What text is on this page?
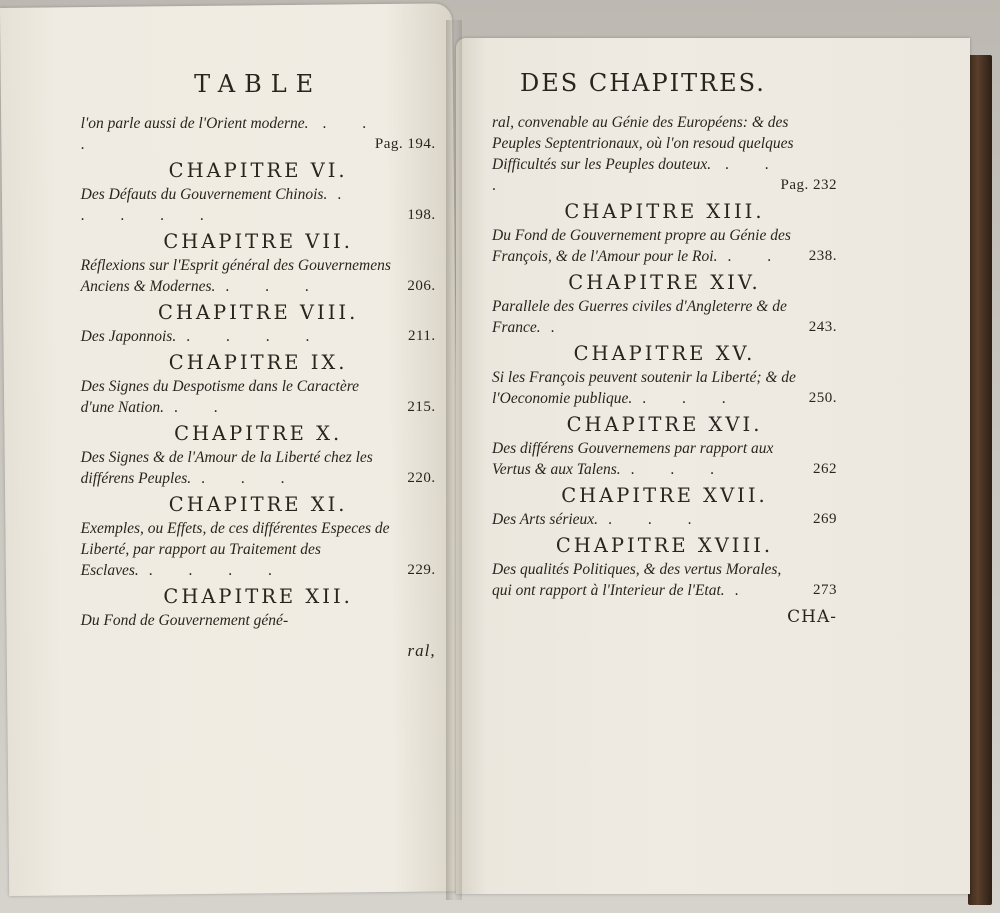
TABLE
l'on parle aussi de l'Orient moderne. . . .	Pag. 194.
CHAPITRE VI.
Des Défauts du Gouvernement Chinois. . . . . .	198.
CHAPITRE VII.
Réflexions sur l'Esprit général des Gouvernemens Anciens & Modernes. . . .	206.
CHAPITRE VIII.
Des Japonnois. . . . .	211.
CHAPITRE IX.
Des Signes du Despotisme dans le Caractère d'une Nation. . .	215.
CHAPITRE X.
Des Signes & de l'Amour de la Liberté chez les différens Peuples. . . .	220.
CHAPITRE XI.
Exemples, ou Effets, de ces différentes Especes de Liberté, par rapport au Traitement des Esclaves. . . . .	229.
CHAPITRE XII.
Du Fond de Gouvernement géné-
ral,
DES CHAPITRES.
ral, convenable au Génie des Européens: & des Peuples Septentrionaux, où l'on resoud quelques Difficultés sur les Peuples douteux. . . .	Pag. 232
CHAPITRE XIII.
Du Fond de Gouvernement propre au Génie des François, & de l'Amour pour le Roi. . . 238.
CHAPITRE XIV.
Parallele des Guerres civiles d'Angleterre & de France. .	243.
CHAPITRE XV.
Si les François peuvent soutenir la Liberté; & de l'Oeconomie publique. . . .	250.
CHAPITRE XVI.
Des différens Gouvernemens par rapport aux Vertus & aux Talens. . . .	262
CHAPITRE XVII.
Des Arts sérieux. . . .	269
CHAPITRE XVIII.
Des qualités Politiques, & des vertus Morales, qui ont rapport à l'Interieur de l'Etat. .	273
CHA-
